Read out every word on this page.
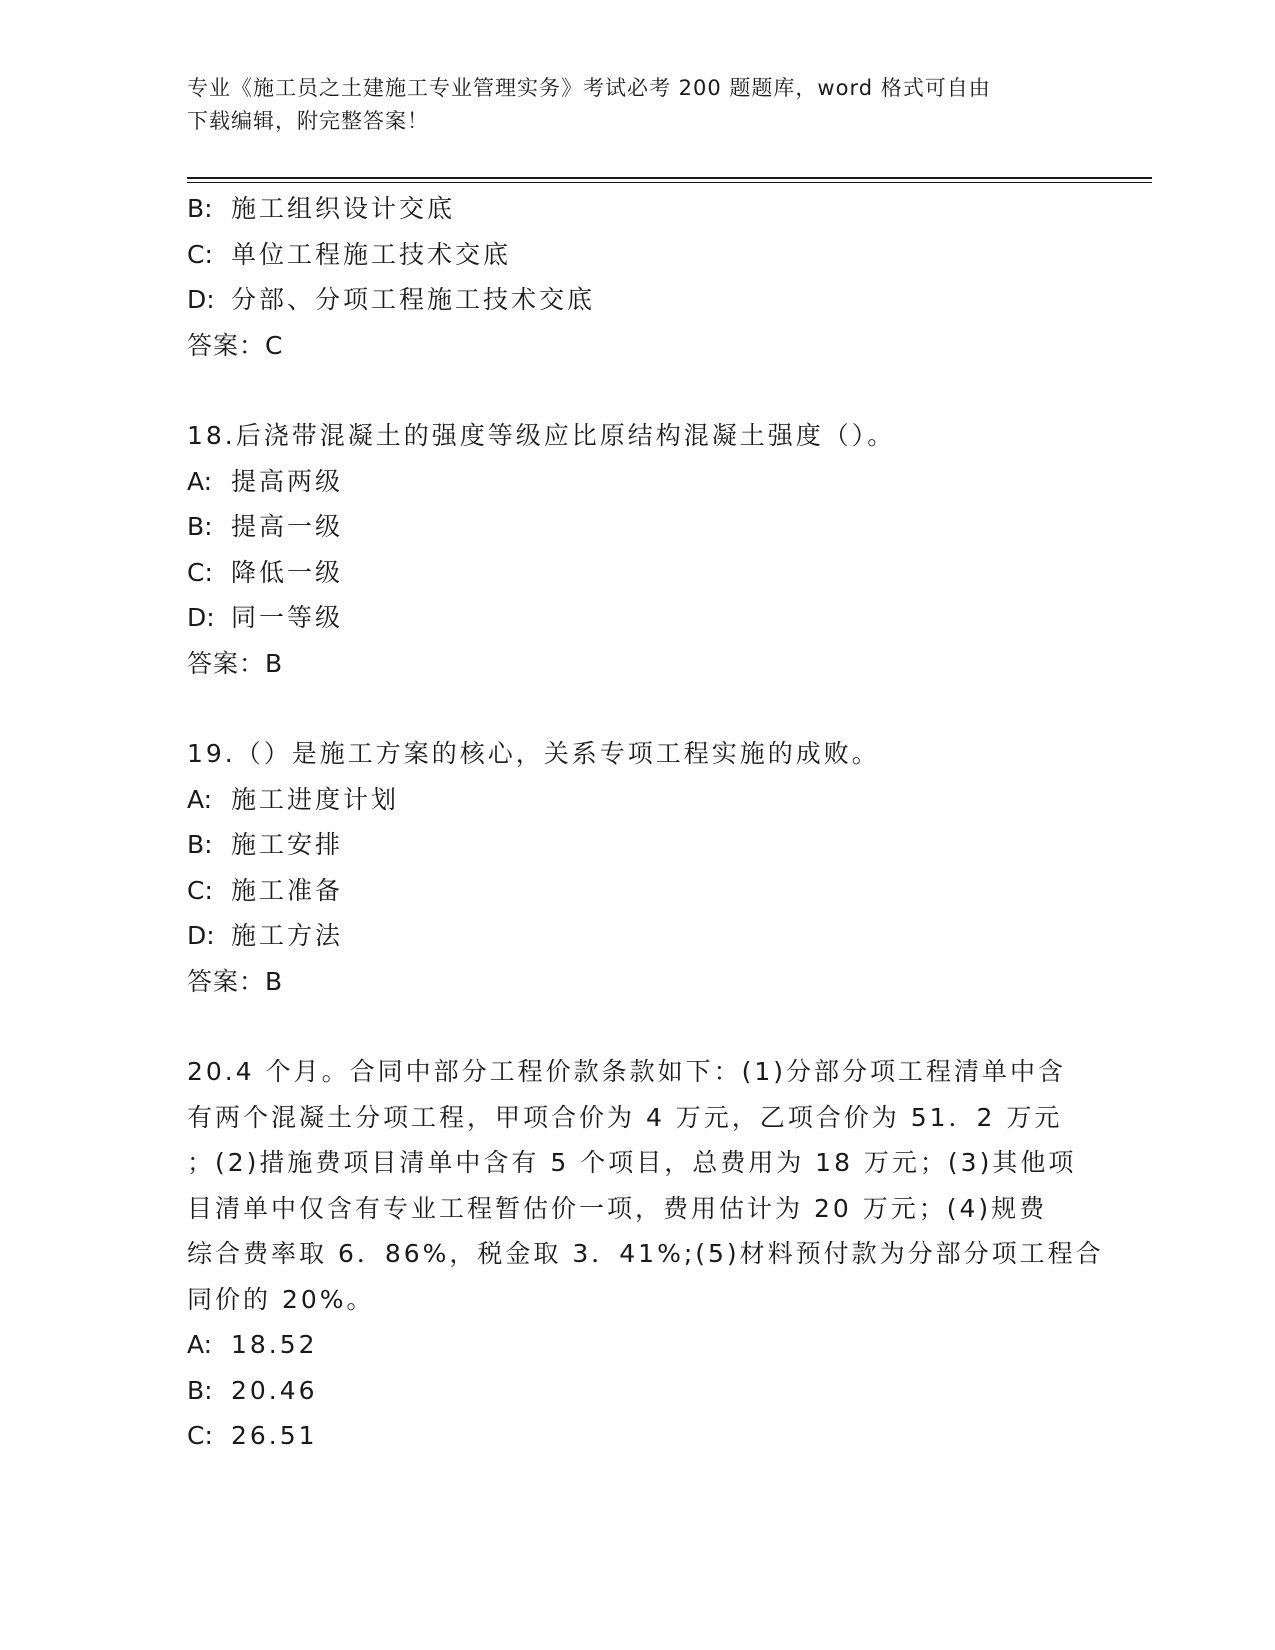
专业《施工员之土建施工专业管理实务》考试必考 200 题题库，word 格式可自由
下载编辑，附完整答案！
B: 施工组织设计交底
C: 单位工程施工技术交底
D: 分部、分项工程施工技术交底
答案：C
18.后浇带混凝土的强度等级应比原结构混凝土强度（）。
A: 提高两级
B: 提高一级
C: 降低一级
D: 同一等级
答案：B
19.（）是施工方案的核心，关系专项工程实施的成败。
A: 施工进度计划
B: 施工安排
C: 施工准备
D: 施工方法
答案：B
20.4 个月。合同中部分工程价款条款如下：(1)分部分项工程清单中含
有两个混凝土分项工程，甲项合价为 4 万元，乙项合价为 51．2 万元
；(2)措施费项目清单中含有 5 个项目，总费用为 18 万元；(3)其他项
目清单中仅含有专业工程暂估价一项，费用估计为 20 万元；(4)规费
综合费率取 6．86%，税金取 3．41%;(5)材料预付款为分部分项工程合
同价的 20%。
A: 18.52
B: 20.46
C: 26.51
